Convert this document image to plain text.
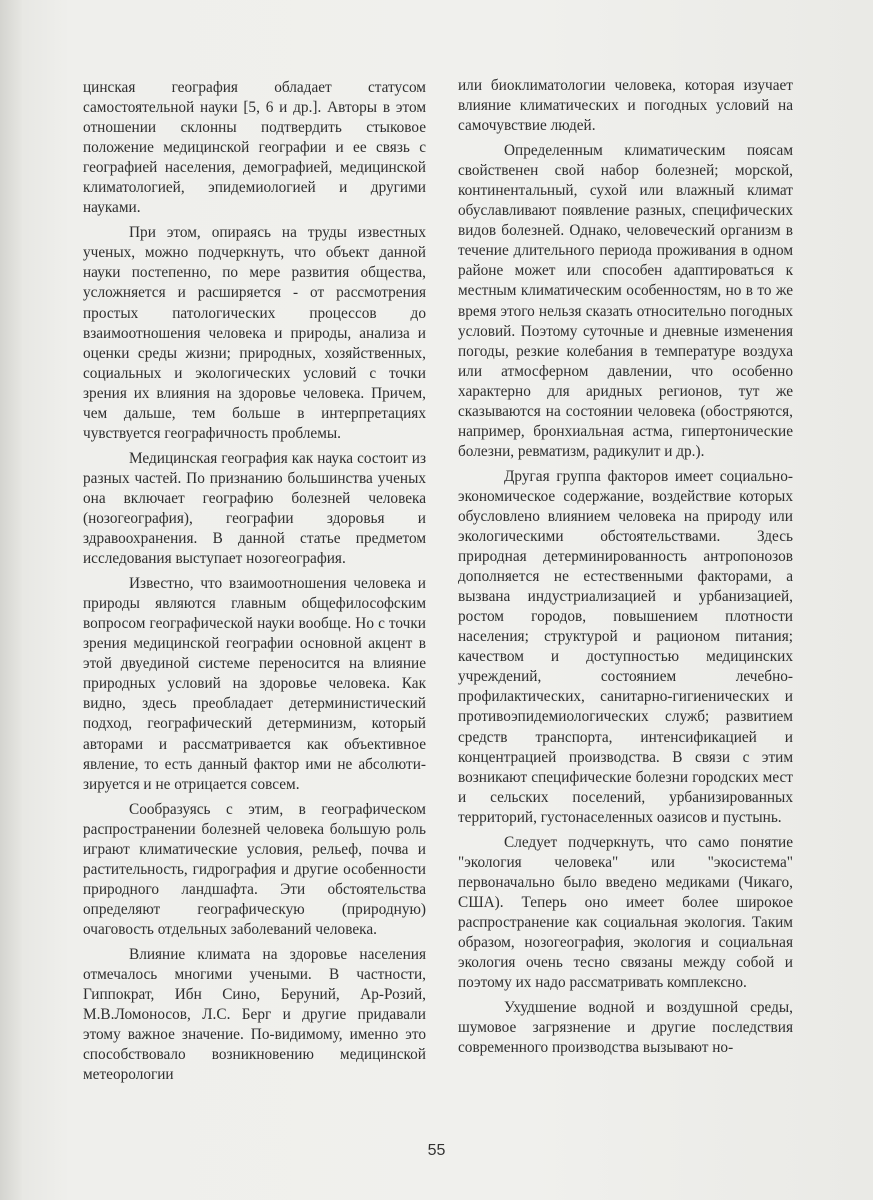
цинская география обладает статусом самостоятельной науки [5, 6 и др.]. Авторы в этом отношении склонны подтвердить стыковое положение медицинской географии и ее связь с географией населения, демографией, медицинской климатологией, эпидемиологией и другими науками.

При этом, опираясь на труды известных ученых, можно подчеркнуть, что объект данной науки постепенно, по мере развития общества, усложняется и расширяется - от рассмотрения простых патологических процессов до взаимоотношения человека и природы, анализа и оценки среды жизни; природных, хозяйственных, социальных и экологических условий с точки зрения их влияния на здоровье человека. Причем, чем дальше, тем больше в интерпретациях чувствуется географичность проблемы.

Медицинская география как наука состоит из разных частей. По признанию большинства ученых она включает географию болезней человека (нозогеография), географии здоровья и здравоохранения. В данной статье предметом исследования выступает нозогеография.

Известно, что взаимоотношения человека и природы являются главным общефилософским вопросом географической науки вообще. Но с точки зрения медицинской географии основной акцент в этой двуединой системе переносится на влияние природных условий на здоровье человека. Как видно, здесь преобладает детерминистический подход, географический детерминизм, который авторами и рассматривается как объективное явление, то есть данный фактор ими не абсолютизируется и не отрицается совсем.

Сообразуясь с этим, в географическом распространении болезней человека большую роль играют климатические условия, рельеф, почва и растительность, гидрография и другие особенности природного ландшафта. Эти обстоятельства определяют географическую (природную) очаговость отдельных заболеваний человека.

Влияние климата на здоровье населения отмечалось многими учеными. В частности, Гиппократ, Ибн Сино, Беруний, Ар-Розий, М.В.Ломоносов, Л.С. Берг и другие придавали этому важное значение. По-видимому, именно это способствовало возникновению медицинской метеорологии

или биоклиматологии человека, которая изучает влияние климатических и погодных условий на самочувствие людей.

Определенным климатическим поясам свойственен свой набор болезней; морской, континентальный, сухой или влажный климат обуславливают появление разных, специфических видов болезней. Однако, человеческий организм в течение длительного периода проживания в одном районе может или способен адаптироваться к местным климатическим особенностям, но в то же время этого нельзя сказать относительно погодных условий. Поэтому суточные и дневные изменения погоды, резкие колебания в температуре воздуха или атмосферном давлении, что особенно характерно для аридных регионов, тут же сказываются на состоянии человека (обостряются, например, бронхиальная астма, гипертонические болезни, ревматизм, радикулит и др.).

Другая группа факторов имеет социально-экономическое содержание, воздействие которых обусловлено влиянием человека на природу или экологическими обстоятельствами. Здесь природная детерминированность антропонозов дополняется не естественными факторами, а вызвана индустриализацией и урбанизацией, ростом городов, повышением плотности населения; структурой и рационом питания; качеством и доступностью медицинских учреждений, состоянием лечебно-профилактических, санитарно-гигиенических и противоэпидемиологических служб; развитием средств транспорта, интенсификацией и концентрацией производства. В связи с этим возникают специфические болезни городских мест и сельских поселений, урбанизированных территорий, густонаселенных оазисов и пустынь.

Следует подчеркнуть, что само понятие "экология человека" или "экосистема" первоначально было введено медиками (Чикаго, США). Теперь оно имеет более широкое распространение как социальная экология. Таким образом, нозогеография, экология и социальная экология очень тесно связаны между собой и поэтому их надо рассматривать комплексно.

Ухудшение водной и воздушной среды, шумовое загрязнение и другие последствия современного производства вызывают но-

55
